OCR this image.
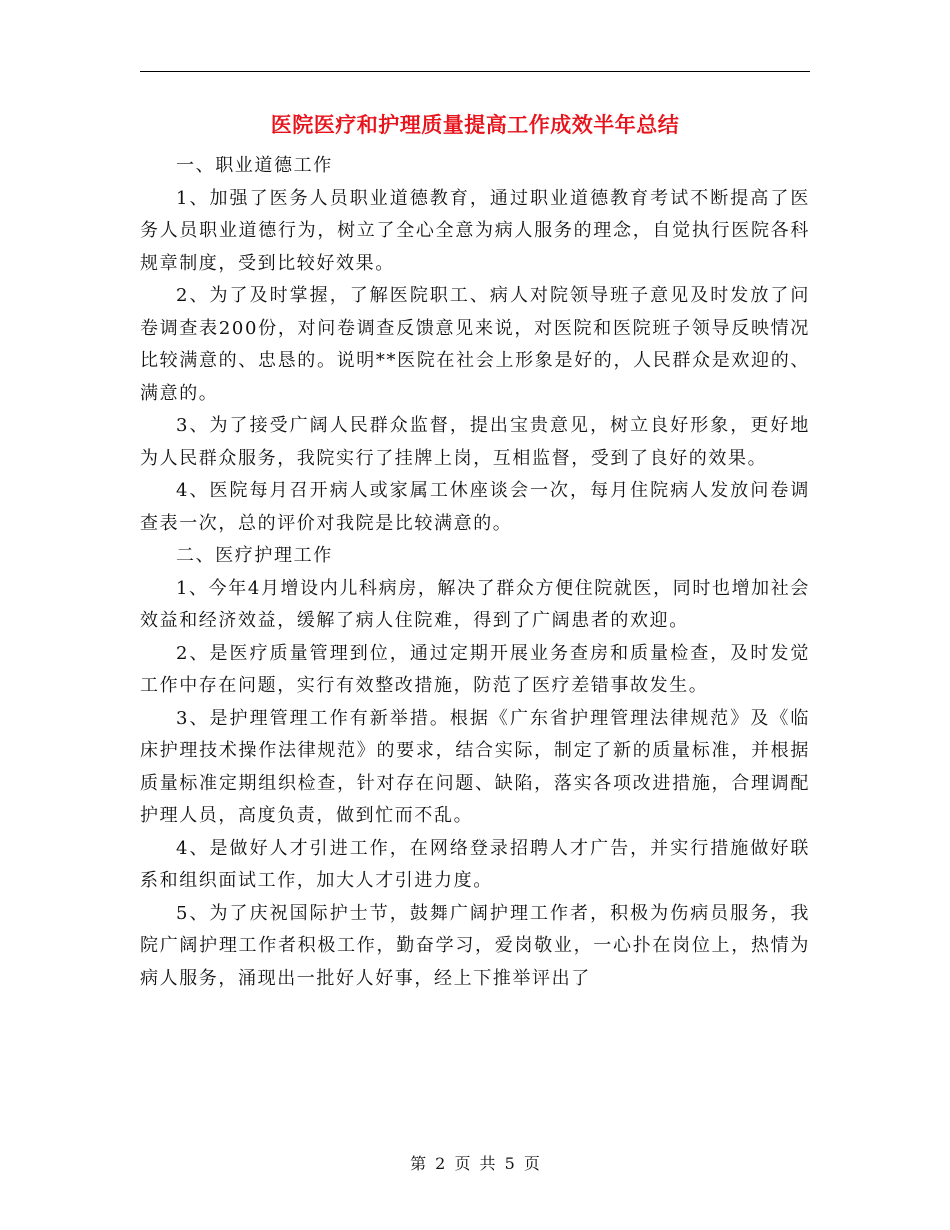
医院医疗和护理质量提高工作成效半年总结

一、职业道德工作

1、加强了医务人员职业道德教育，通过职业道德教育考试不断提高了医务人员职业道德行为，树立了全心全意为病人服务的理念，自觉执行医院各科规章制度，受到比较好效果。

2、为了及时掌握，了解医院职工、病人对院领导班子意见及时发放了问卷调查表200份，对问卷调查反馈意见来说，对医院和医院班子领导反映情况比较满意的、忠恳的。说明**医院在社会上形象是好的，人民群众是欢迎的、满意的。

3、为了接受广阔人民群众监督，提出宝贵意见，树立良好形象，更好地为人民群众服务，我院实行了挂牌上岗，互相监督，受到了良好的效果。

4、医院每月召开病人或家属工休座谈会一次，每月住院病人发放问卷调查表一次，总的评价对我院是比较满意的。

二、医疗护理工作

1、今年4月增设内儿科病房，解决了群众方便住院就医，同时也增加社会效益和经济效益，缓解了病人住院难，得到了广阔患者的欢迎。

2、是医疗质量管理到位，通过定期开展业务查房和质量检查，及时发觉工作中存在问题，实行有效整改措施，防范了医疗差错事故发生。

3、是护理管理工作有新举措。根据《广东省护理管理法律规范》及《临床护理技术操作法律规范》的要求，结合实际，制定了新的质量标准，并根据质量标准定期组织检查，针对存在问题、缺陷，落实各项改进措施，合理调配护理人员，高度负责，做到忙而不乱。

4、是做好人才引进工作，在网络登录招聘人才广告，并实行措施做好联系和组织面试工作，加大人才引进力度。

5、为了庆祝国际护士节，鼓舞广阔护理工作者，积极为伤病员服务，我院广阔护理工作者积极工作，勤奋学习，爱岗敬业，一心扑在岗位上，热情为病人服务，涌现出一批好人好事，经上下推举评出了

第 2 页 共 5 页
